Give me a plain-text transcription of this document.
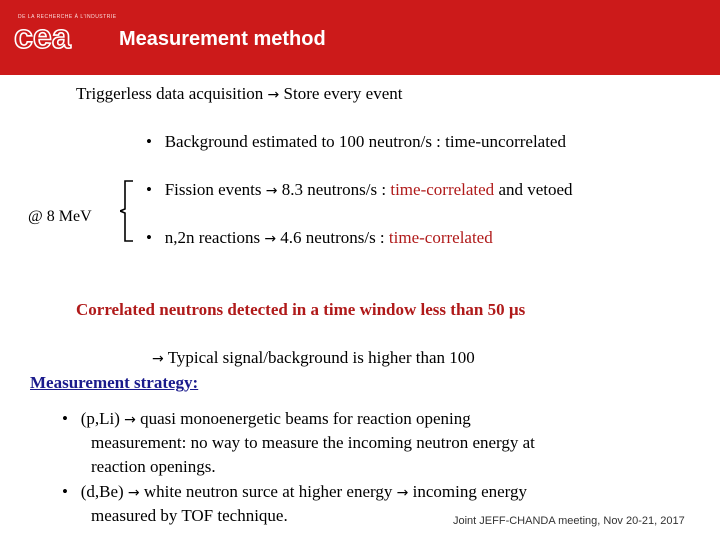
DE LA RECHERCHE À L'INDUSTRIE
cea Measurement method
Triggerless data acquisition → Store every event
• Background estimated to 100 neutron/s : time-uncorrelated
• Fission events → 8.3 neutrons/s : time-correlated and vetoed
@ 8 MeV
• n,2n reactions → 4.6 neutrons/s : time-correlated
Correlated neutrons detected in a time window less than 50 µs
→ Typical signal/background is higher than 100
Measurement strategy:
• (p,Li) → quasi monoenergetic beams for reaction opening
measurement: no way to measure the incoming neutron energy at
reaction openings.
• (d,Be) → white neutron surce at higher energy → incoming energy
measured by TOF technique.	Joint JEFF-CHANDA meeting, Nov 20-21, 2017
